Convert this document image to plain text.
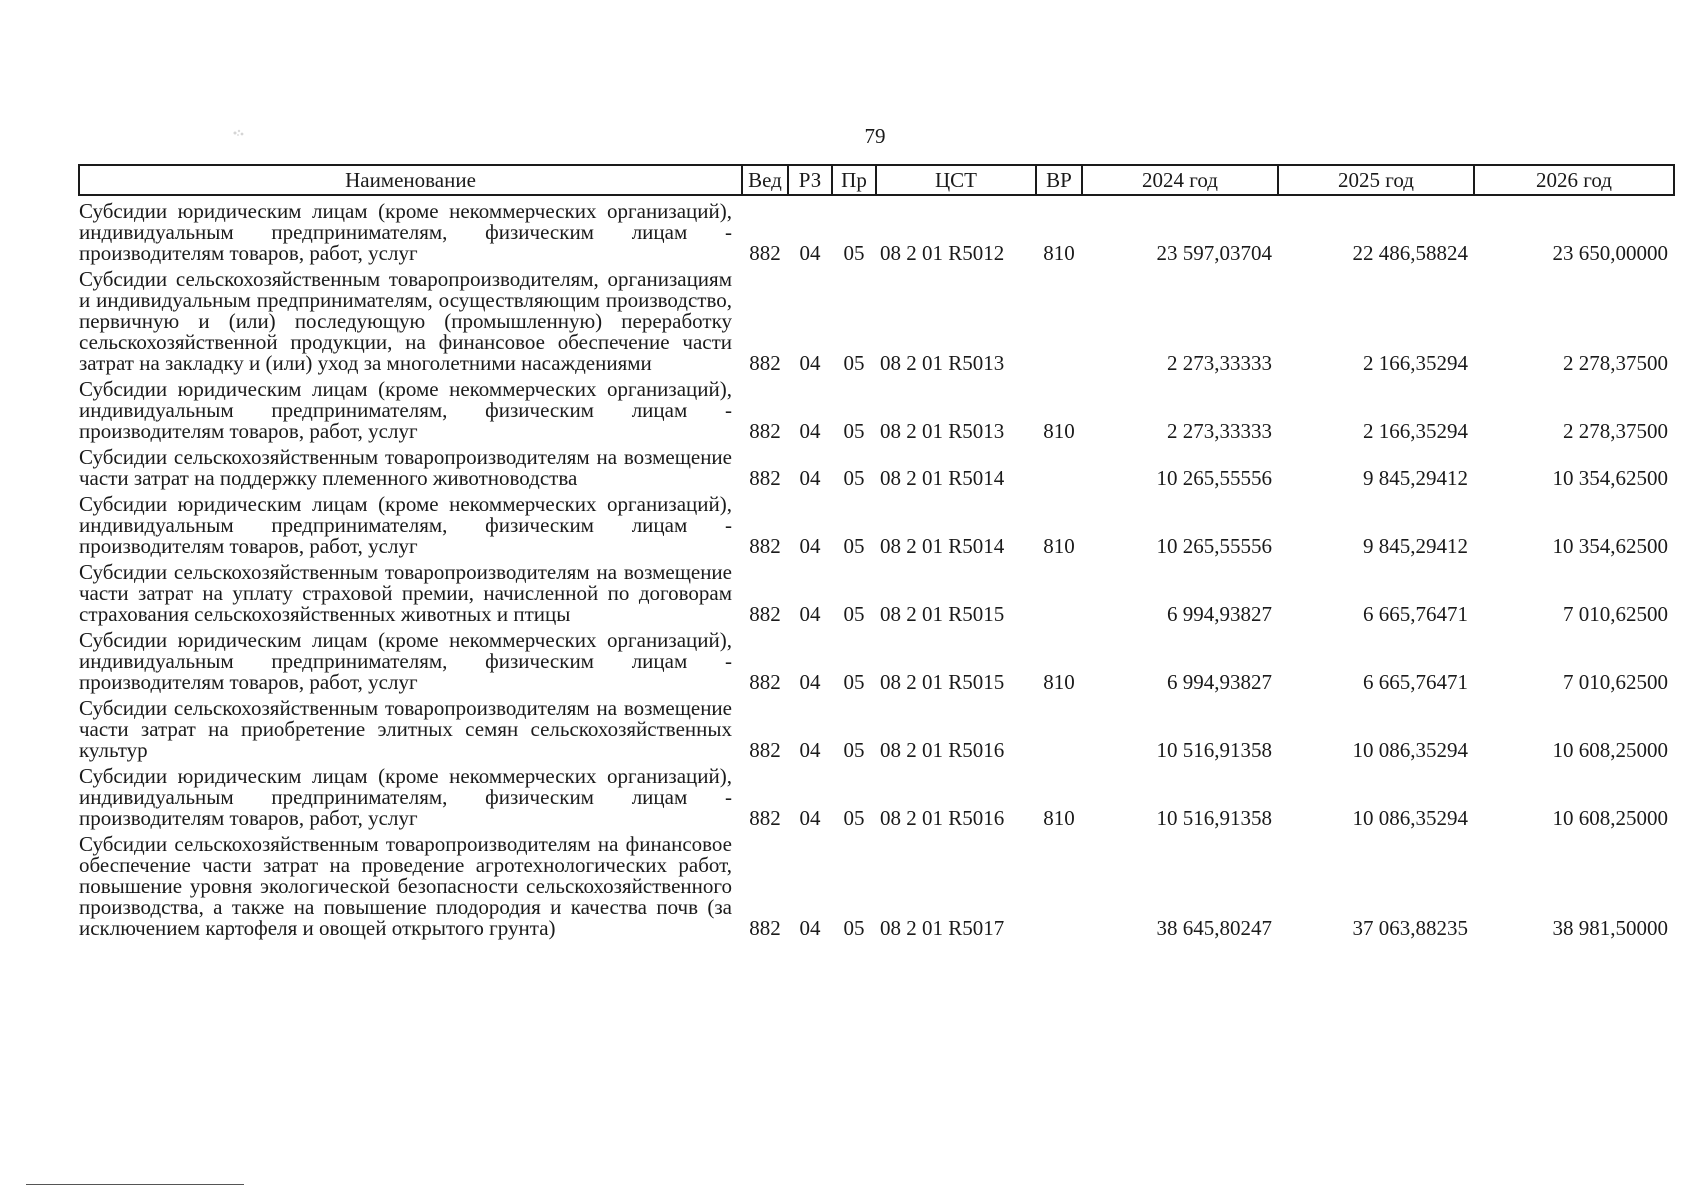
79
Наименование	Вед	РЗ	Пр	ЦСТ	ВР	2024 год	2025 год	2026 год
Субсидии юридическим лицам (кроме некоммерческих организаций), индивидуальным предпринимателям, физическим лицам - производителям товаров, работ, услуг	882	04	05	08 2 01 R5012	810	23 597,03704	22 486,58824	23 650,00000
Субсидии сельскохозяйственным товаропроизводителям, организациям и индивидуальным предпринимателям, осуществляющим производство, первичную и (или) последующую (промышленную) переработку сельскохозяйственной продукции, на финансовое обеспечение части затрат на закладку и (или) уход за многолетними насаждениями	882	04	05	08 2 01 R5013		2 273,33333	2 166,35294	2 278,37500
Субсидии юридическим лицам (кроме некоммерческих организаций), индивидуальным предпринимателям, физическим лицам - производителям товаров, работ, услуг	882	04	05	08 2 01 R5013	810	2 273,33333	2 166,35294	2 278,37500
Субсидии сельскохозяйственным товаропроизводителям на возмещение части затрат на поддержку племенного животноводства	882	04	05	08 2 01 R5014		10 265,55556	9 845,29412	10 354,62500
Субсидии юридическим лицам (кроме некоммерческих организаций), индивидуальным предпринимателям, физическим лицам - производителям товаров, работ, услуг	882	04	05	08 2 01 R5014	810	10 265,55556	9 845,29412	10 354,62500
Субсидии сельскохозяйственным товаропроизводителям на возмещение части затрат на уплату страховой премии, начисленной по договорам страхования сельскохозяйственных животных и птицы	882	04	05	08 2 01 R5015		6 994,93827	6 665,76471	7 010,62500
Субсидии юридическим лицам (кроме некоммерческих организаций), индивидуальным предпринимателям, физическим лицам - производителям товаров, работ, услуг	882	04	05	08 2 01 R5015	810	6 994,93827	6 665,76471	7 010,62500
Субсидии сельскохозяйственным товаропроизводителям на возмещение части затрат на приобретение элитных семян сельскохозяйственных культур	882	04	05	08 2 01 R5016		10 516,91358	10 086,35294	10 608,25000
Субсидии юридическим лицам (кроме некоммерческих организаций), индивидуальным предпринимателям, физическим лицам - производителям товаров, работ, услуг	882	04	05	08 2 01 R5016	810	10 516,91358	10 086,35294	10 608,25000
Субсидии сельскохозяйственным товаропроизводителям на финансовое обеспечение части затрат на проведение агротехнологических работ, повышение уровня экологической безопасности сельскохозяйственного производства, а также на повышение плодородия и качества почв (за исключением картофеля и овощей открытого грунта)	882	04	05	08 2 01 R5017		38 645,80247	37 063,88235	38 981,50000
